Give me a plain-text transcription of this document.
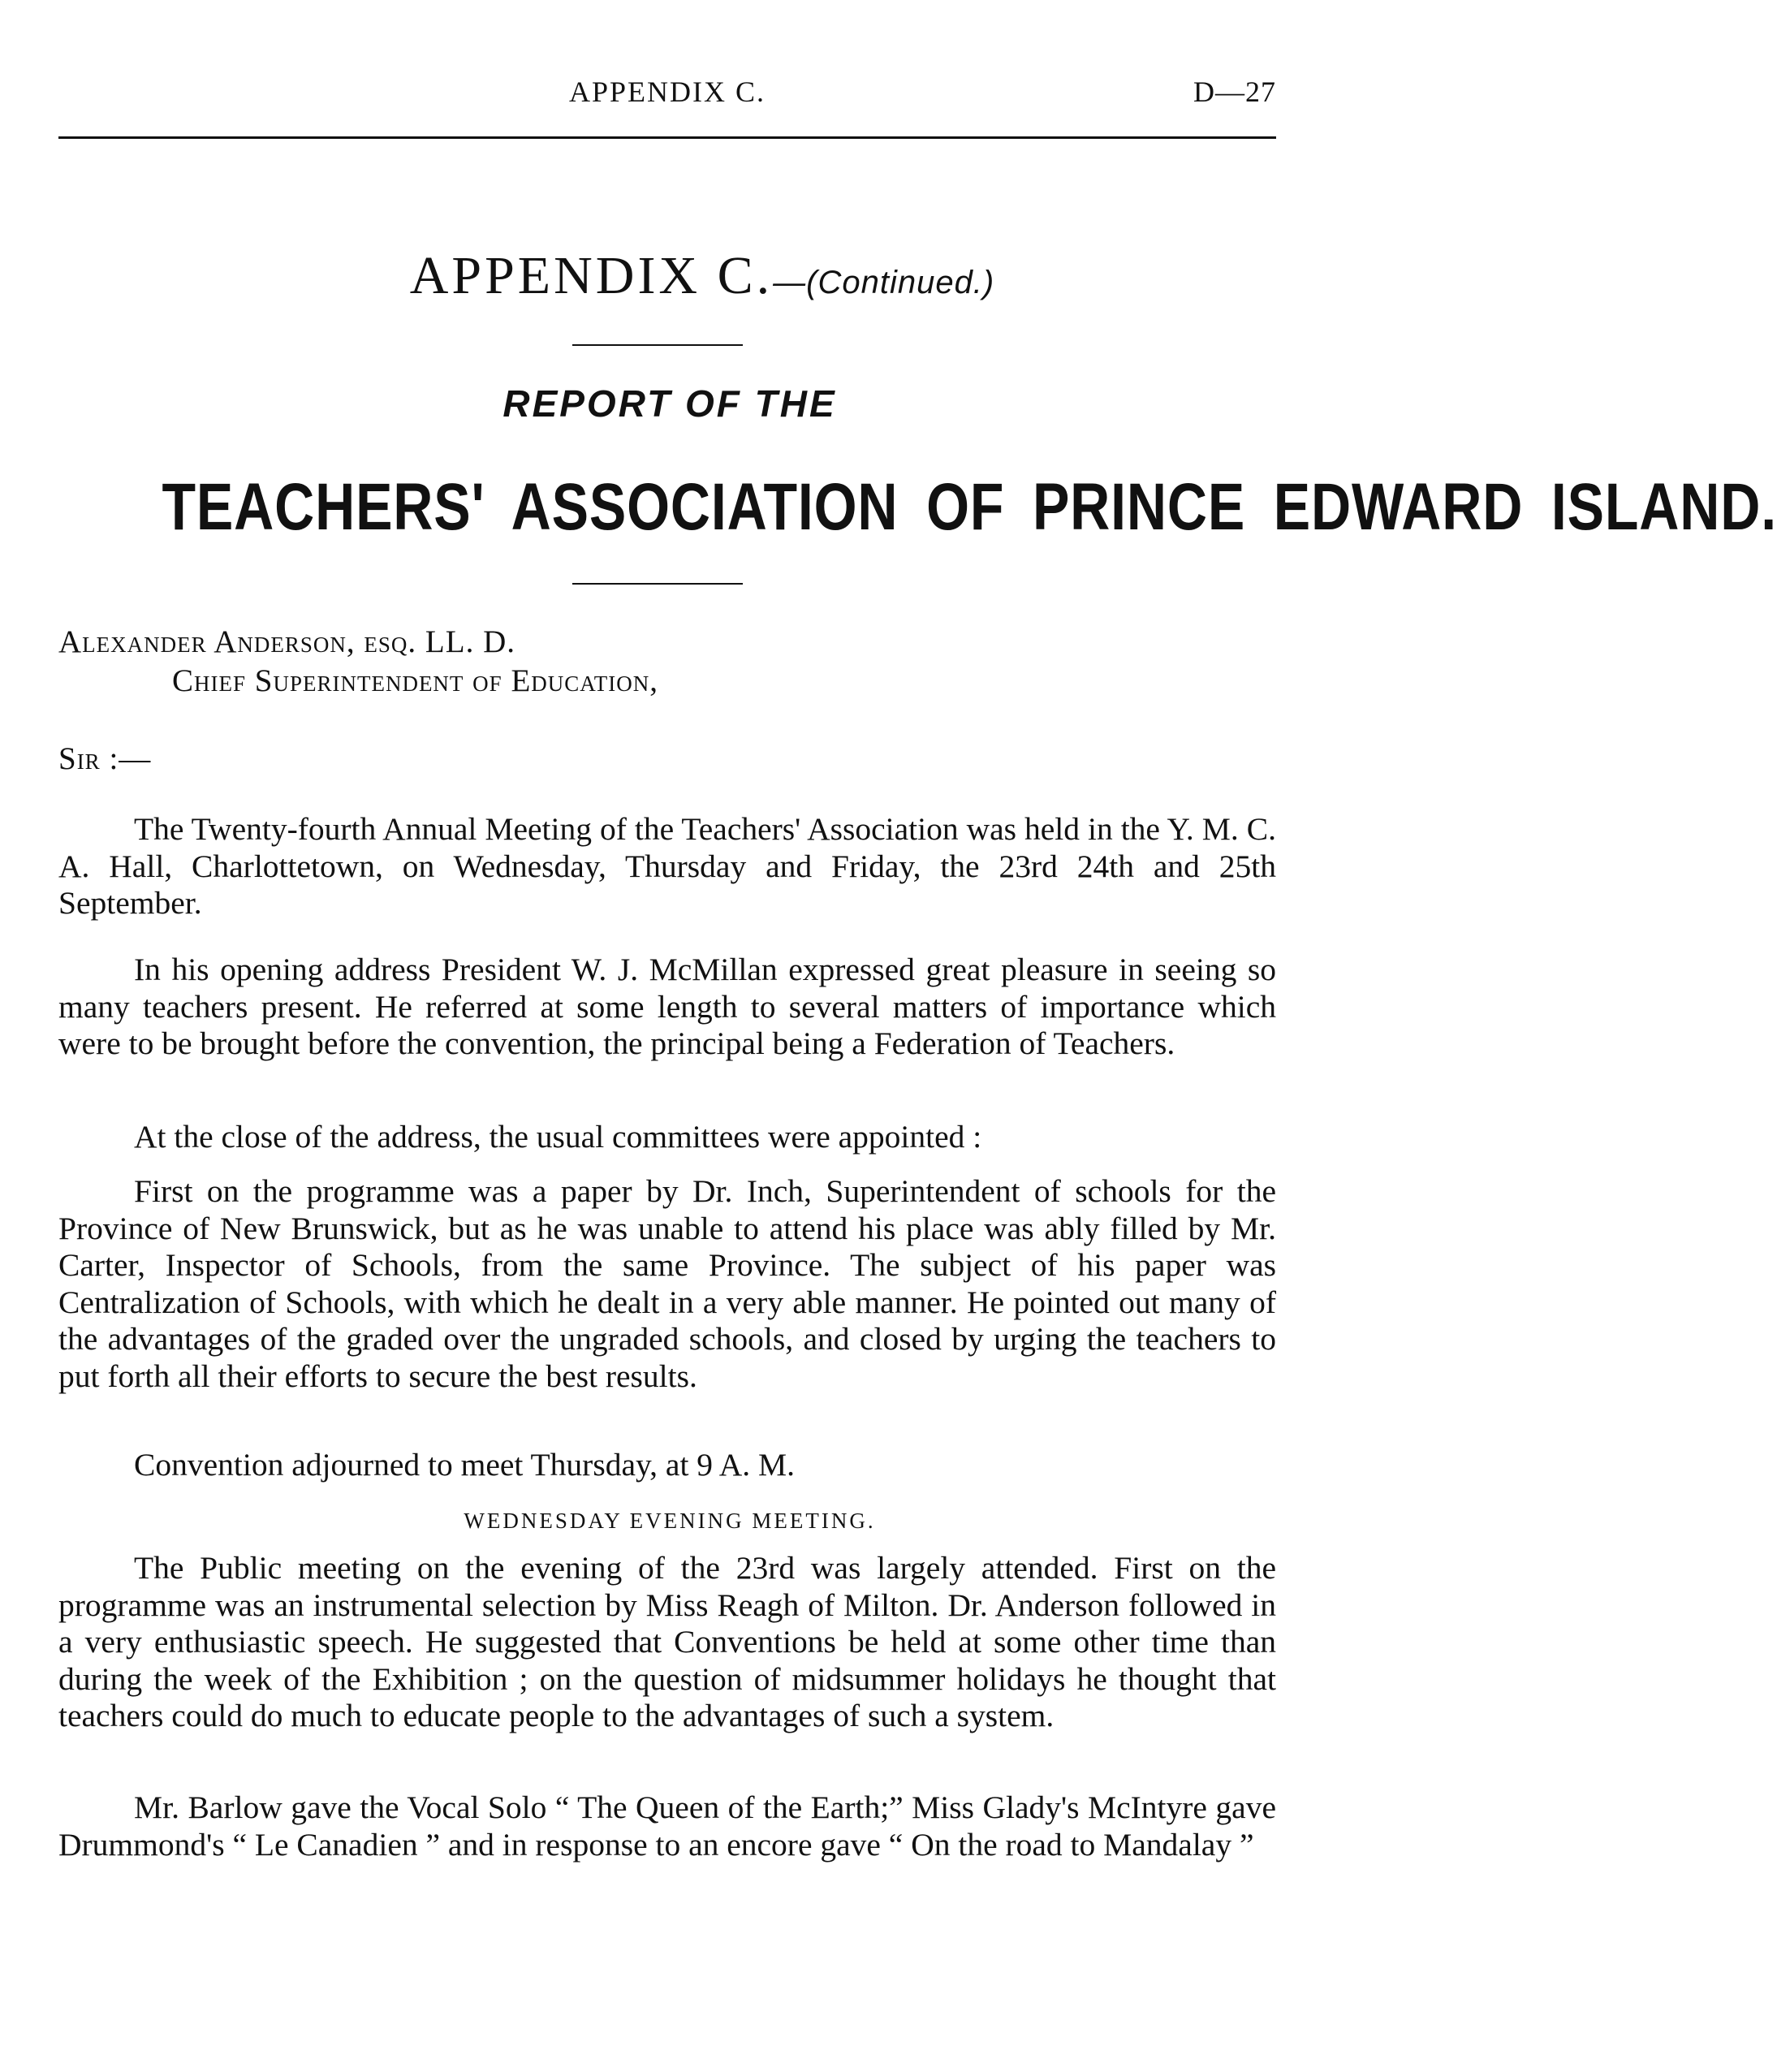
APPENDIX C.	D—27
APPENDIX C.—(Continued.)
REPORT OF THE
TEACHERS' ASSOCIATION OF PRINCE EDWARD ISLAND.
Alexander Anderson, esq. LL. D.
Chief Superintendent of Education,
Sir :—

The Twenty-fourth Annual Meeting of the Teachers' Association was held in the Y. M. C. A. Hall, Charlottetown, on Wednesday, Thursday and Friday, the 23rd 24th and 25th September.

In his opening address President W. J. McMillan expressed great pleasure in seeing so many teachers present. He referred at some length to several matters of importance which were to be brought before the convention, the principal being a Federation of Teachers.

At the close of the address, the usual committees were appointed :

First on the programme was a paper by Dr. Inch, Superintendent of schools for the Province of New Brunswick, but as he was unable to attend his place was ably filled by Mr. Carter, Inspector of Schools, from the same Province. The subject of his paper was Centralization of Schools, with which he dealt in a very able manner. He pointed out many of the advantages of the graded over the ungraded schools, and closed by urging the teachers to put forth all their efforts to secure the best results.

Convention adjourned to meet Thursday, at 9 A. M.

WEDNESDAY EVENING MEETING.

The Public meeting on the evening of the 23rd was largely attended. First on the programme was an instrumental selection by Miss Reagh of Milton. Dr. Anderson followed in a very enthusiastic speech. He suggested that Conventions be held at some other time than during the week of the Exhibition ; on the question of midsummer holidays he thought that teachers could do much to educate people to the advantages of such a system.

Mr. Barlow gave the Vocal Solo “ The Queen of the Earth;” Miss Glady's McIntyre gave Drummond's “ Le Canadien ” and in response to an encore gave “ On the road to Mandalay ”
